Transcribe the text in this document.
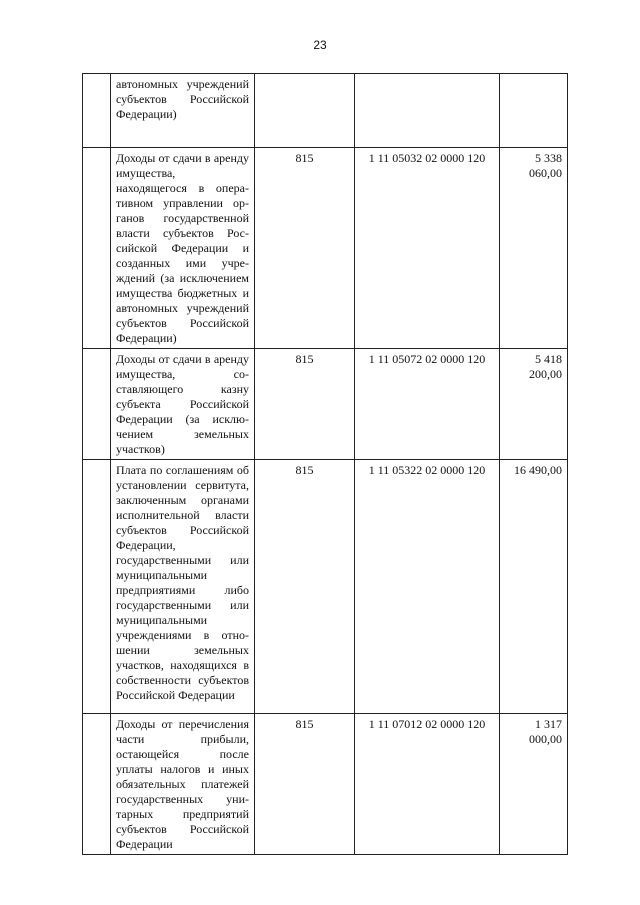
23
	автономных учреждений субъектов Российской Федерации)			
	Доходы от сдачи в аренду имущества, находящегося в оперативном управлении органов государственной власти субъектов Российской Федерации и созданных ими учреждений (за исключением имущества бюджетных и автономных учреждений субъектов Российской Федерации)	815	1 11 05032 02 0000 120	5 338 060,00
	Доходы от сдачи в аренду имущества, составляющего казну субъекта Российской Федерации (за исключением земельных участков)	815	1 11 05072 02 0000 120	5 418 200,00
	Плата по соглашениям об установлении сервитута, заключенным органами исполнительной власти субъектов Российской Федерации, государственными или муниципальными предприятиями либо государственными или муниципальными учреждениями в отношении земельных участков, находящихся в собственности субъектов Российской Федерации	815	1 11 05322 02 0000 120	16 490,00
	Доходы от перечисления части прибыли, остающейся после уплаты налогов и иных обязательных платежей государственных унитарных предприятий субъектов Российской Федерации	815	1 11 07012 02 0000 120	1 317 000,00
